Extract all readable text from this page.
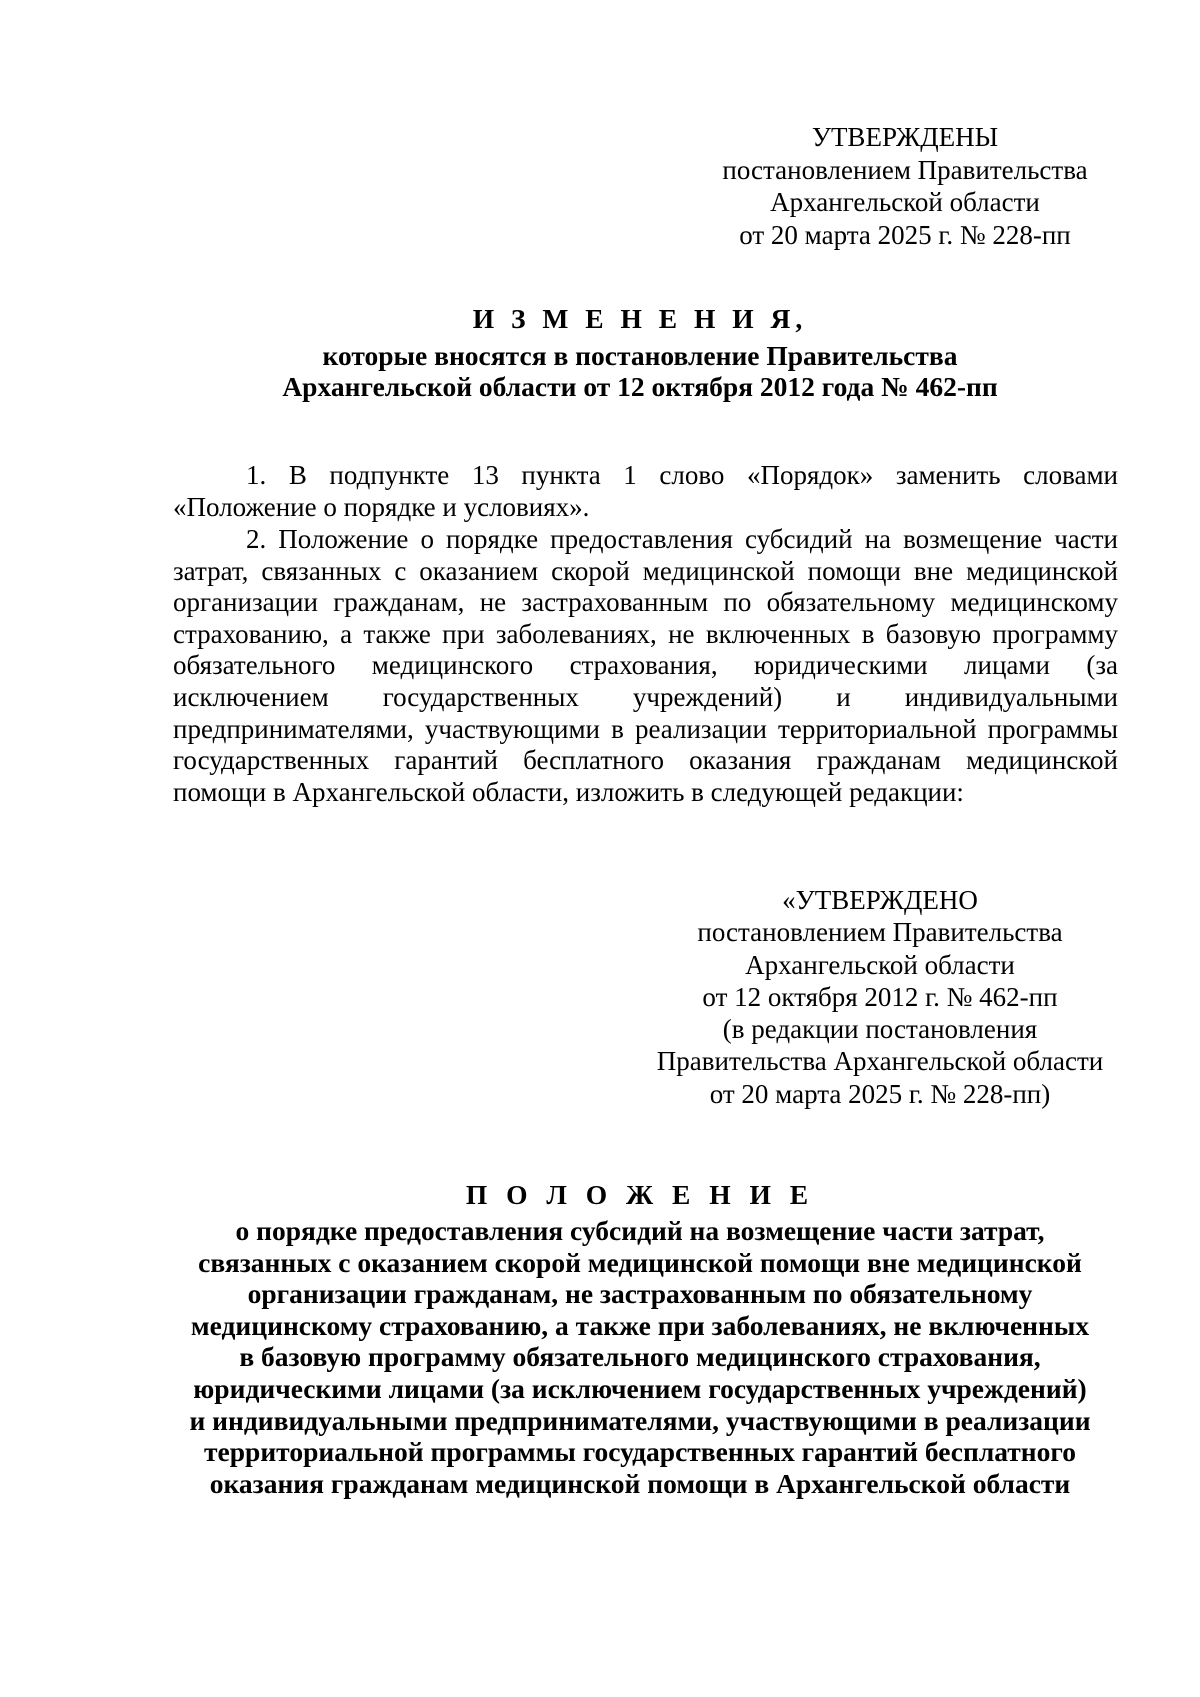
УТВЕРЖДЕНЫ
постановлением Правительства
Архангельской области
от 20 марта 2025 г. № 228-пп
И З М Е Н Е Н И Я,
которые вносятся в постановление Правительства
Архангельской области от 12 октября 2012 года № 462-пп
1. В подпункте 13 пункта 1 слово «Порядок» заменить словами «Положение о порядке и условиях».
2. Положение о порядке предоставления субсидий на возмещение части затрат, связанных с оказанием скорой медицинской помощи вне медицинской организации гражданам, не застрахованным по обязательному медицинскому страхованию, а также при заболеваниях, не включенных в базовую программу обязательного медицинского страхования, юридическими лицами (за исключением государственных учреждений) и индивидуальными предпринимателями, участвующими в реализации территориальной программы государственных гарантий бесплатного оказания гражданам медицинской помощи в Архангельской области, изложить в следующей редакции:
«УТВЕРЖДЕНО
постановлением Правительства
Архангельской области
от 12 октября 2012 г. № 462-пп
(в редакции постановления
Правительства Архангельской области
от 20 марта 2025 г. № 228-пп)
П О Л О Ж Е Н И Е
о порядке предоставления субсидий на возмещение части затрат,
связанных с оказанием скорой медицинской помощи вне медицинской
организации гражданам, не застрахованным по обязательному
медицинскому страхованию, а также при заболеваниях, не включенных
в базовую программу обязательного медицинского страхования,
юридическими лицами (за исключением государственных учреждений)
и индивидуальными предпринимателями, участвующими в реализации
территориальной программы государственных гарантий бесплатного
оказания гражданам медицинской помощи в Архангельской области
